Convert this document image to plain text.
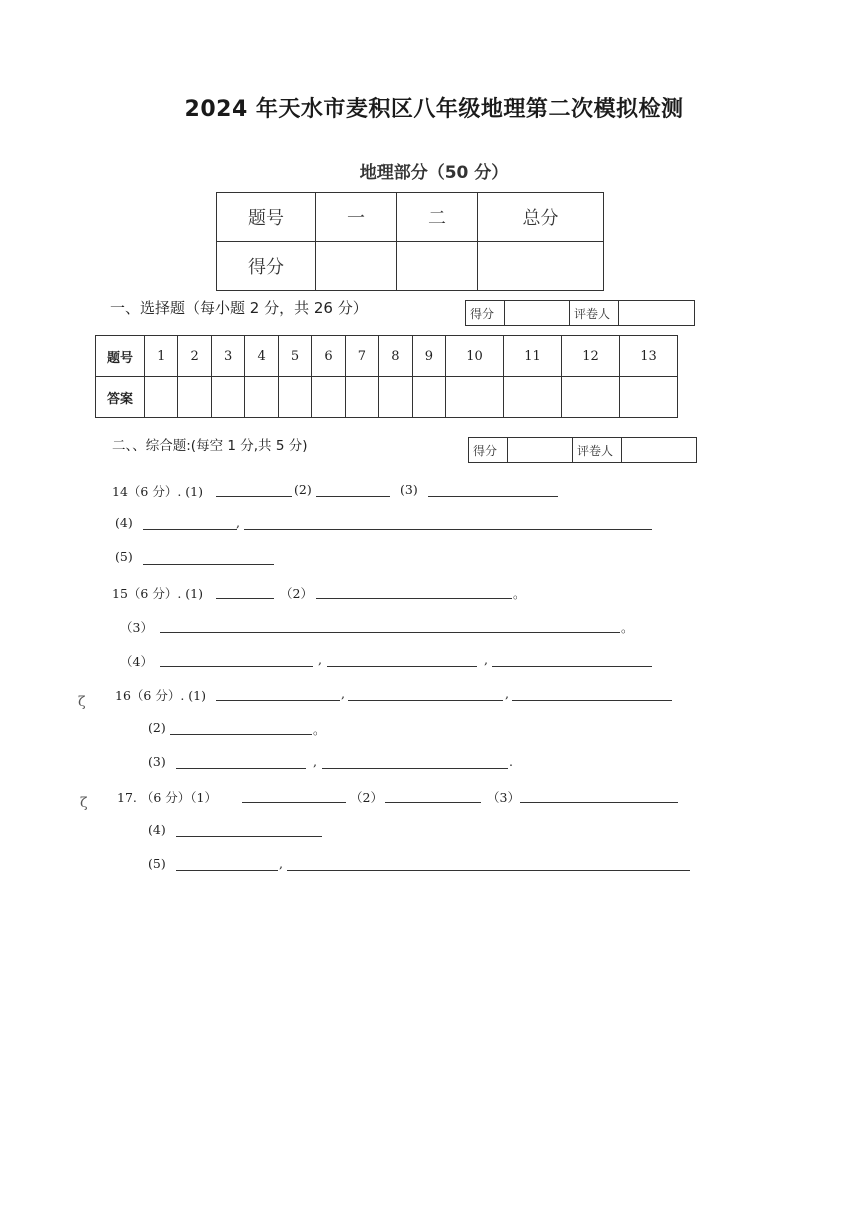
2024 年天水市麦积区八年级地理第二次模拟检测
地理部分（50 分）
题号	一	二	总分
得分			
一、选择题（每小题 2 分，共 26 分）	得分		评卷人	
题号	1	2	3	4	5	6	7	8	9	10	11	12	13
答案													
二、、综合题:(每空 1 分,共 5 分)	得分		评卷人	
14（6 分）. (1)	(2)	(3)
(4)	,
(5)
15（6 分）. (1)	（2）	。
（3）	。
（4）	,	,
16（6 分）. (1)	,	,
(2)	。
(3)	,	.
17. （6 分）（1）	（2）	（3）
(4)
(5)	,
ζ
ζ
